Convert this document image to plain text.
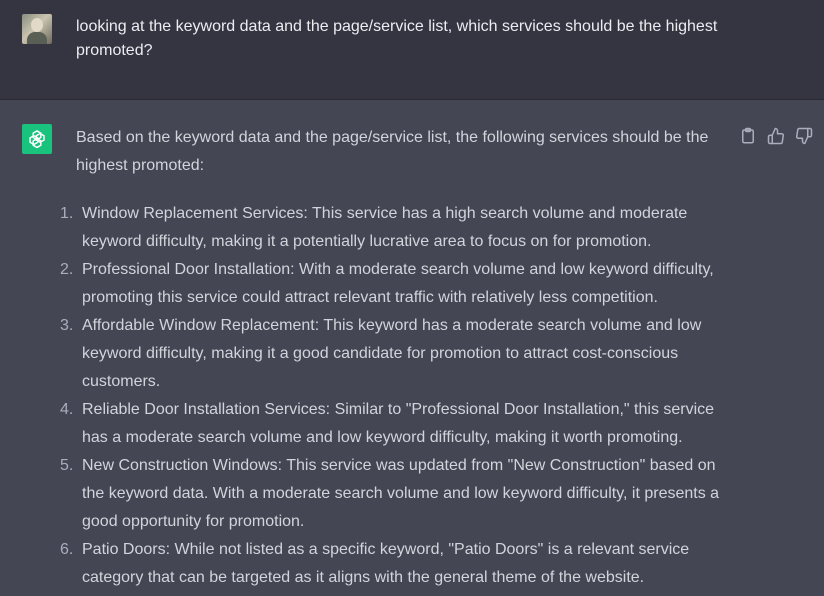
looking at the keyword data and the page/service list, which services should be the highest promoted?
Based on the keyword data and the page/service list, the following services should be the highest promoted:
1. Window Replacement Services: This service has a high search volume and moderate keyword difficulty, making it a potentially lucrative area to focus on for promotion.
2. Professional Door Installation: With a moderate search volume and low keyword difficulty, promoting this service could attract relevant traffic with relatively less competition.
3. Affordable Window Replacement: This keyword has a moderate search volume and low keyword difficulty, making it a good candidate for promotion to attract cost-conscious customers.
4. Reliable Door Installation Services: Similar to "Professional Door Installation," this service has a moderate search volume and low keyword difficulty, making it worth promoting.
5. New Construction Windows: This service was updated from "New Construction" based on the keyword data. With a moderate search volume and low keyword difficulty, it presents a good opportunity for promotion.
6. Patio Doors: While not listed as a specific keyword, "Patio Doors" is a relevant service category that can be targeted as it aligns with the general theme of the website.
